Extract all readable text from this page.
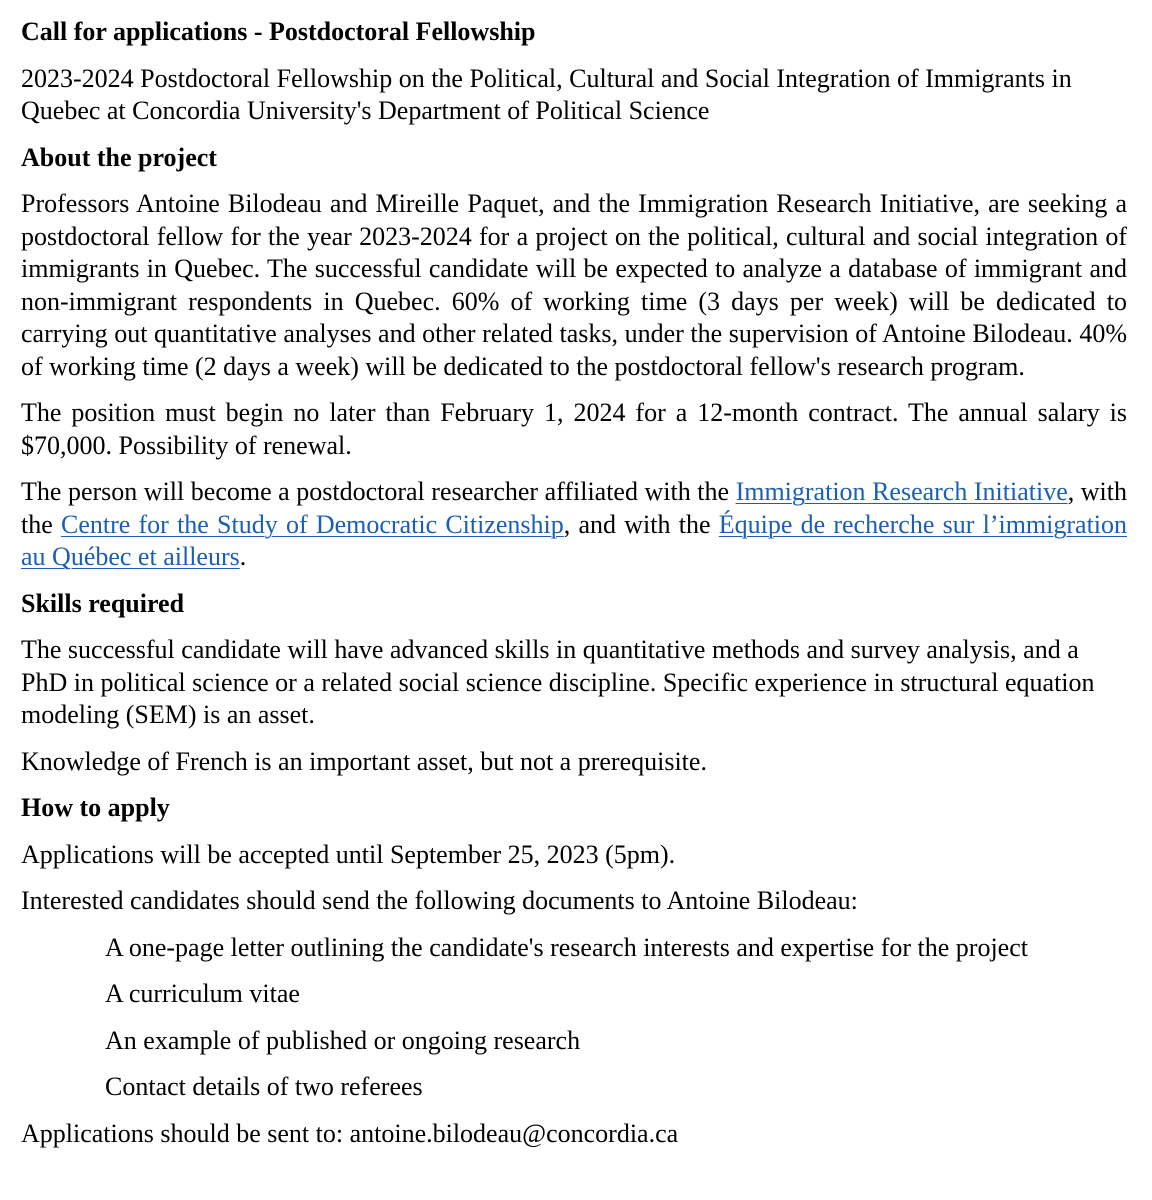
Call for applications - Postdoctoral Fellowship
2023-2024 Postdoctoral Fellowship on the Political, Cultural and Social Integration of Immigrants in Quebec at Concordia University's Department of Political Science
About the project
Professors Antoine Bilodeau and Mireille Paquet, and the Immigration Research Initiative, are seeking a postdoctoral fellow for the year 2023-2024 for a project on the political, cultural and social integration of immigrants in Quebec. The successful candidate will be expected to analyze a database of immigrant and non-immigrant respondents in Quebec. 60% of working time (3 days per week) will be dedicated to carrying out quantitative analyses and other related tasks, under the supervision of Antoine Bilodeau. 40% of working time (2 days a week) will be dedicated to the postdoctoral fellow's research program.
The position must begin no later than February 1, 2024 for a 12-month contract. The annual salary is $70,000. Possibility of renewal.
The person will become a postdoctoral researcher affiliated with the Immigration Research Initiative, with the Centre for the Study of Democratic Citizenship, and with the Équipe de recherche sur l’immigration au Québec et ailleurs.
Skills required
The successful candidate will have advanced skills in quantitative methods and survey analysis, and a PhD in political science or a related social science discipline. Specific experience in structural equation modeling (SEM) is an asset.
Knowledge of French is an important asset, but not a prerequisite.
How to apply
Applications will be accepted until September 25, 2023 (5pm).
Interested candidates should send the following documents to Antoine Bilodeau:
A one-page letter outlining the candidate's research interests and expertise for the project
A curriculum vitae
An example of published or ongoing research
Contact details of two referees
Applications should be sent to: antoine.bilodeau@concordia.ca
